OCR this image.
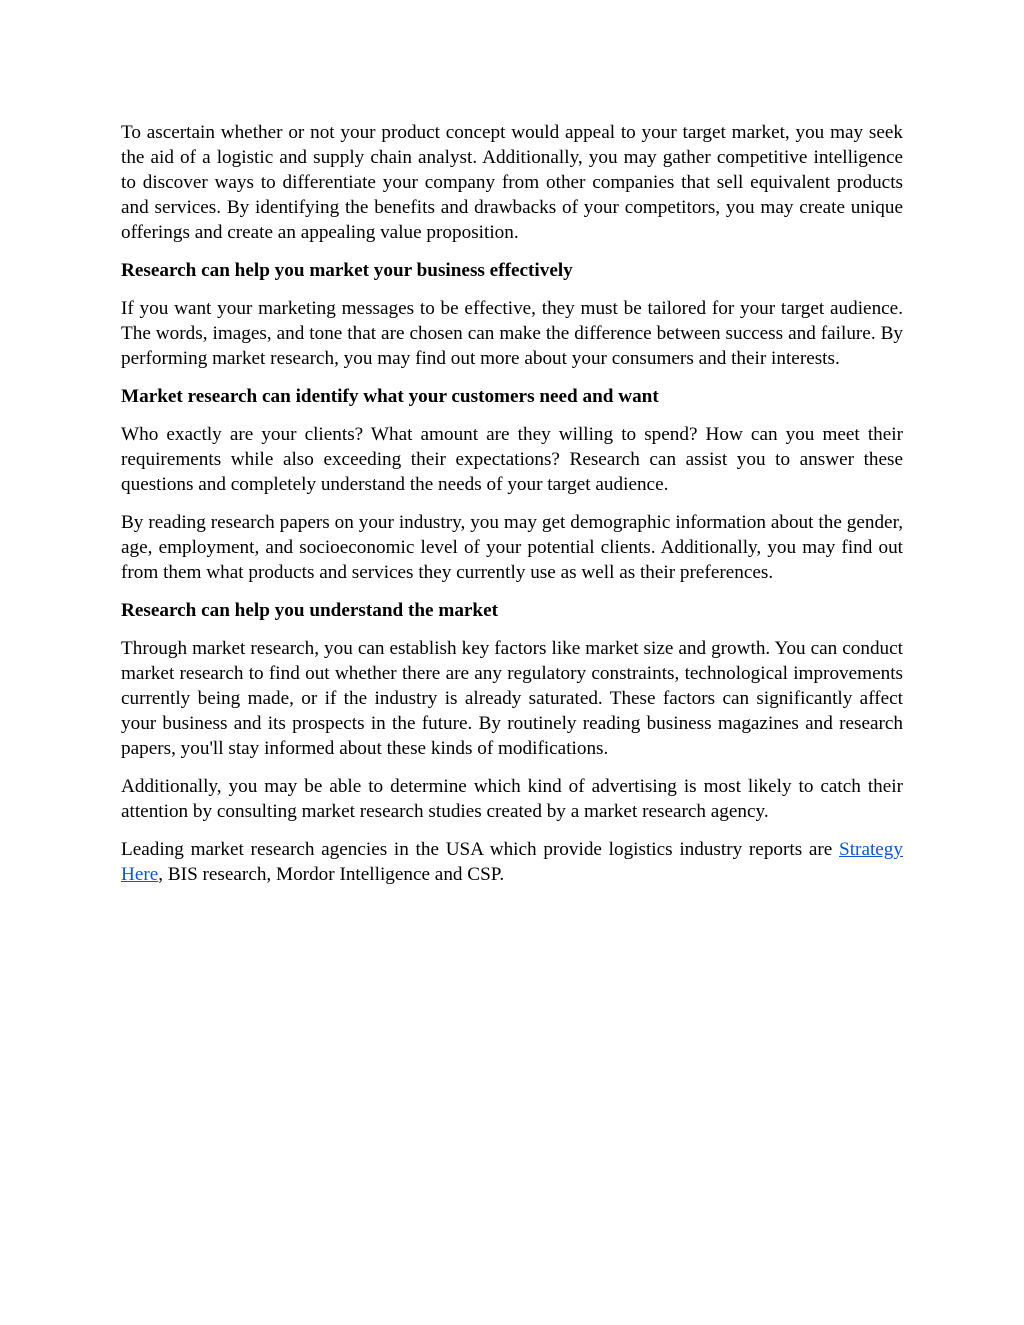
To ascertain whether or not your product concept would appeal to your target market, you may seek the aid of a logistic and supply chain analyst. Additionally, you may gather competitive intelligence to discover ways to differentiate your company from other companies that sell equivalent products and services. By identifying the benefits and drawbacks of your competitors, you may create unique offerings and create an appealing value proposition.

Research can help you market your business effectively

If you want your marketing messages to be effective, they must be tailored for your target audience. The words, images, and tone that are chosen can make the difference between success and failure. By performing market research, you may find out more about your consumers and their interests.

Market research can identify what your customers need and want

Who exactly are your clients? What amount are they willing to spend? How can you meet their requirements while also exceeding their expectations? Research can assist you to answer these questions and completely understand the needs of your target audience.

By reading research papers on your industry, you may get demographic information about the gender, age, employment, and socioeconomic level of your potential clients. Additionally, you may find out from them what products and services they currently use as well as their preferences.

Research can help you understand the market

Through market research, you can establish key factors like market size and growth. You can conduct market research to find out whether there are any regulatory constraints, technological improvements currently being made, or if the industry is already saturated. These factors can significantly affect your business and its prospects in the future. By routinely reading business magazines and research papers, you'll stay informed about these kinds of modifications.

Additionally, you may be able to determine which kind of advertising is most likely to catch their attention by consulting market research studies created by a market research agency.

Leading market research agencies in the USA which provide logistics industry reports are Strategy Here, BIS research, Mordor Intelligence and CSP.
